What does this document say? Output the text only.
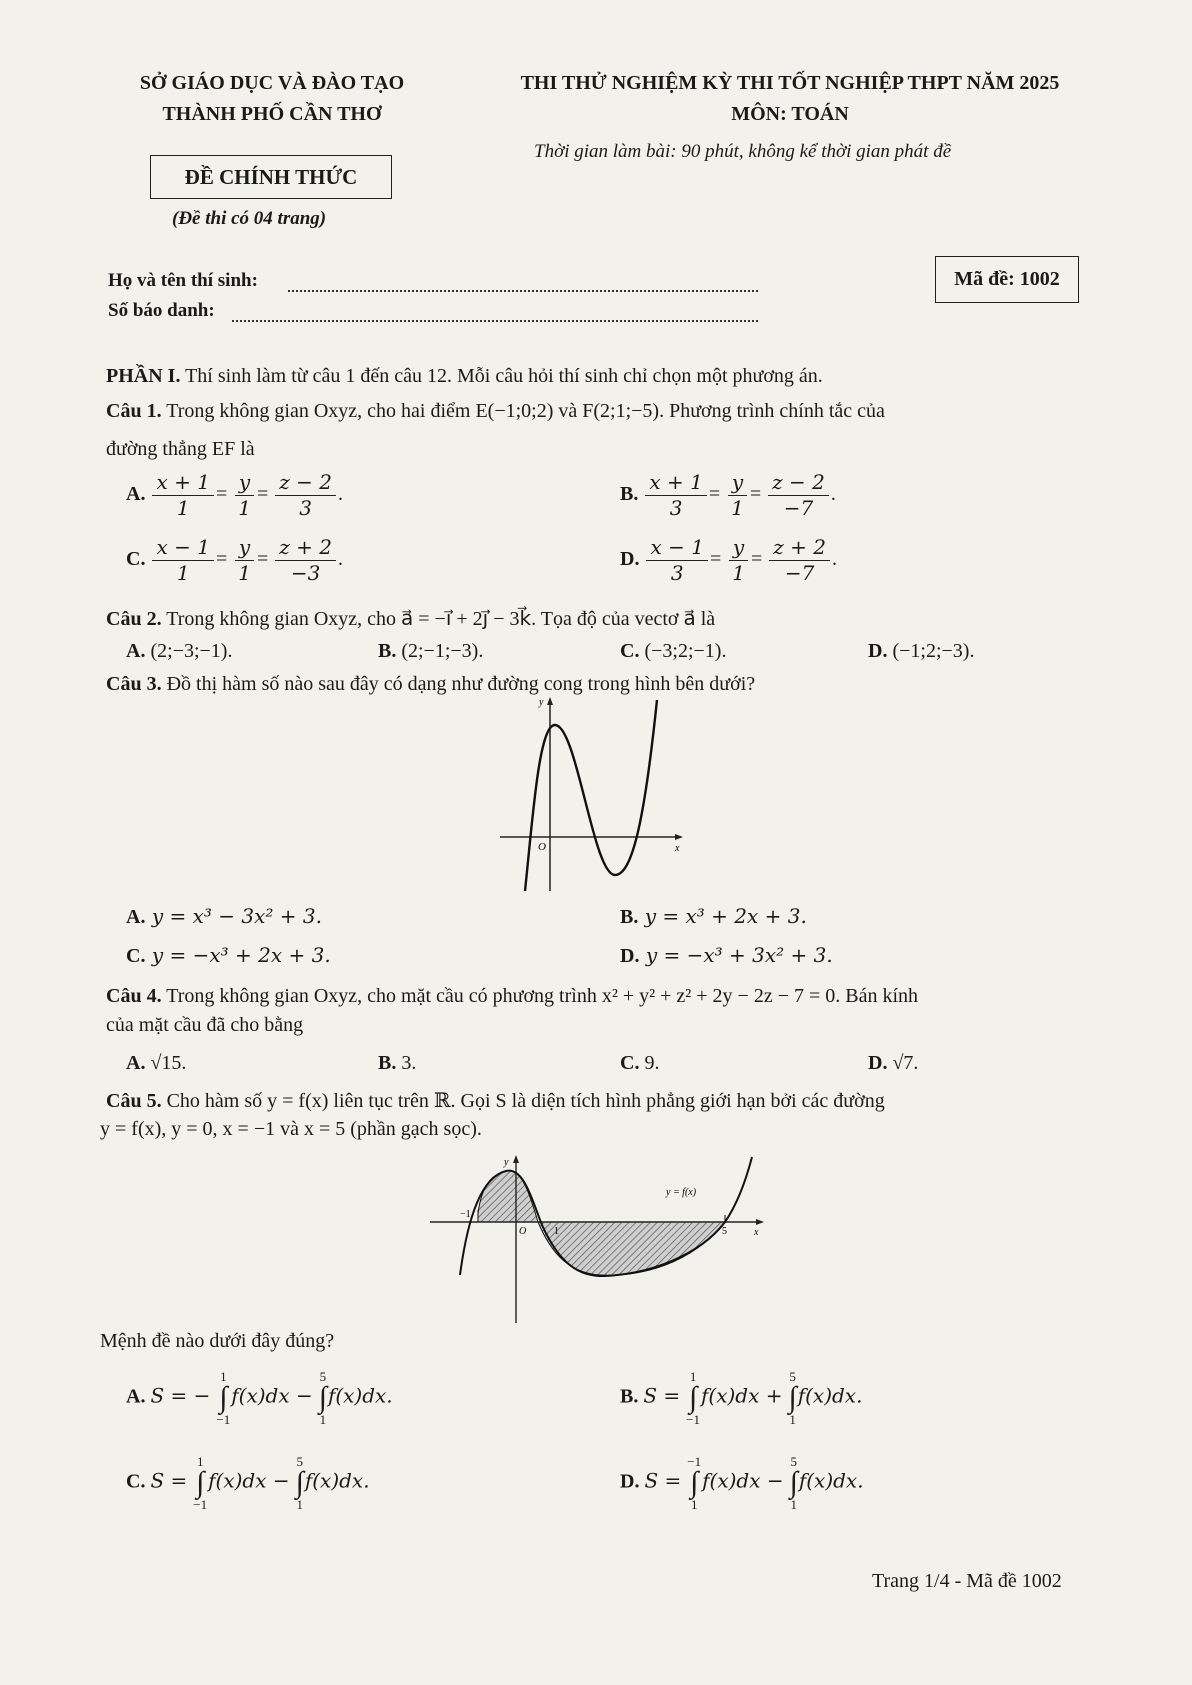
SỞ GIÁO DỤC VÀ ĐÀO TẠO
THÀNH PHỐ CẦN THƠ
ĐỀ CHÍNH THỨC
(Đề thi có 04 trang)
THI THỬ NGHIỆM KỲ THI TỐT NGHIỆP THPT NĂM 2025
MÔN: TOÁN
Thời gian làm bài: 90 phút, không kể thời gian phát đề
Họ và tên thí sinh:
Số báo danh:
Mã đề: 1002
PHẦN I. Thí sinh làm từ câu 1 đến câu 12. Mỗi câu hỏi thí sinh chỉ chọn một phương án.
Câu 1. Trong không gian Oxyz, cho hai điểm E(−1;0;2) và F(2;1;−5). Phương trình chính tắc của
đường thẳng EF là
A. $\frac{x + 1}{1} = \frac{y}{1} = \frac{z - 2}{3}$ .	B. $\frac{x + 1}{3} = \frac{y}{1} = \frac{z - 2}{-7}$ .
C. $\frac{x - 1}{1} = \frac{y}{1} = \frac{z + 2}{-3}$ .	D. $\frac{x - 1}{3} = \frac{y}{1} = \frac{z + 2}{-7}$ .
Câu 2. Trong không gian Oxyz, cho a⃗ = −i⃗ + 2j⃗ − 3k⃗. Tọa độ của vectơ a⃗ là
A. (2;−3;−1).	B. (2;−1;−3).	C. (−3;2;−1).	D. (−1;2;−3).
Câu 3. Đồ thị hàm số nào sau đây có dạng như đường cong trong hình bên dưới?
y
x
O
A. y = x³ − 3x² + 3.	B. y = x³ + 2x + 3.
C. y = −x³ + 2x + 3.	D. y = −x³ + 3x² + 3.
Câu 4. Trong không gian Oxyz, cho mặt cầu có phương trình x² + y² + z² + 2y − 2z − 7 = 0. Bán kính
của mặt cầu đã cho bằng
A. √15.	B. 3.	C. 9.	D. √7.
Câu 5. Cho hàm số y = f(x) liên tục trên ℝ. Gọi S là diện tích hình phẳng giới hạn bởi các đường
y = f(x), y = 0, x = −1 và x = 5 (phần gạch sọc).
y
x
−1
O	1	5
y = f(x)
Mệnh đề nào dưới đây đúng?
A. S = −
1
∫
−1
f(x)dx −
5
∫
1
f(x)dx.	B. S =
1
∫
−1
f(x)dx +
5
∫
1
f(x)dx.
C. S =
1
∫
−1
f(x)dx −
5
∫
1
f(x)dx.	D. S =
−1
∫
1
f(x)dx −
5
∫
1
f(x)dx.
Trang 1/4 - Mã đề 1002
